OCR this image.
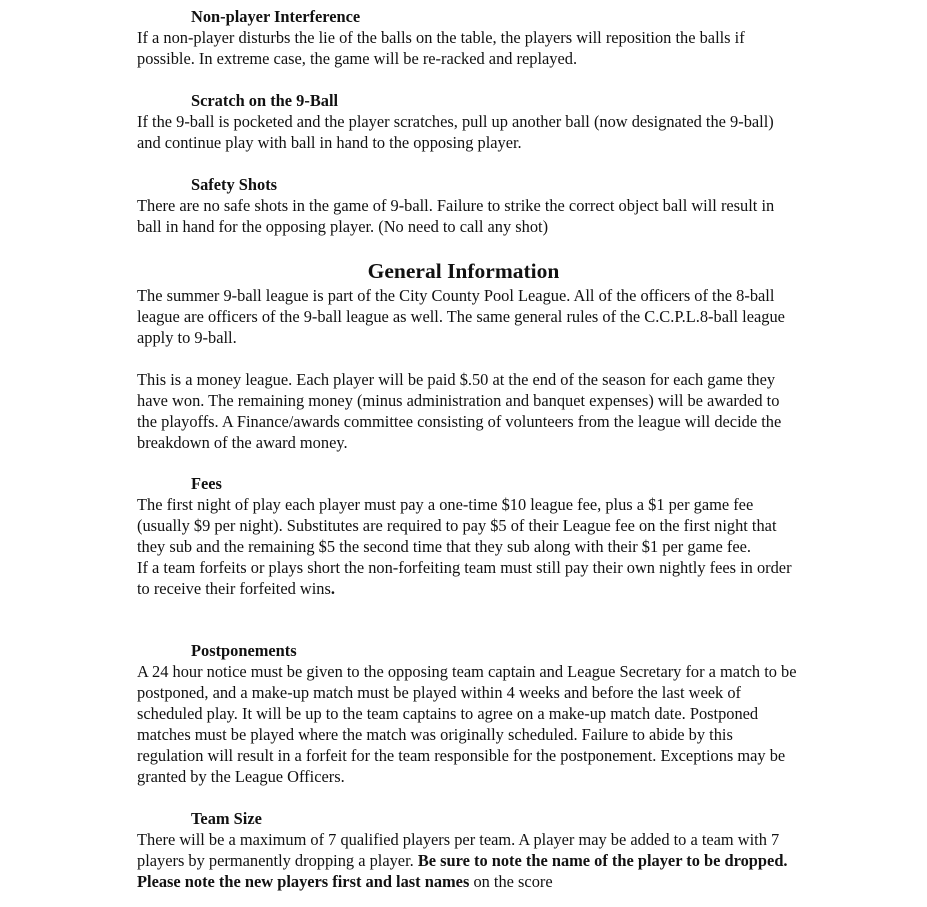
Non-player Interference

If a non-player disturbs the lie of the balls on the table, the players will reposition the balls if possible. In extreme case, the game will be re-racked and replayed.

Scratch on the 9-Ball

If the 9-ball is pocketed and the player scratches, pull up another ball (now designated the 9-ball) and continue play with ball in hand to the opposing player.

Safety Shots

There are no safe shots in the game of 9-ball. Failure to strike the correct object ball will result in ball in hand for the opposing player. (No need to call any shot)

General Information

The summer 9-ball league is part of the City County Pool League. All of the officers of the 8-ball league are officers of the 9-ball league as well. The same general rules of the C.C.P.L.8-ball league apply to 9-ball.

This is a money league. Each player will be paid $.50 at the end of the season for each game they have won. The remaining money (minus administration and banquet expenses) will be awarded to the playoffs. A Finance/awards committee consisting of volunteers from the league will decide the breakdown of the award money.

Fees

The first night of play each player must pay a one-time $10 league fee, plus a $1 per game fee (usually $9 per night). Substitutes are required to pay $5 of their League fee on the first night that they sub and the remaining $5 the second time that they sub along with their $1 per game fee.

If a team forfeits or plays short the non-forfeiting team must still pay their own nightly fees in order to receive their forfeited wins.

Postponements

A 24 hour notice must be given to the opposing team captain and League Secretary for a match to be postponed, and a make-up match must be played within 4 weeks and before the last week of scheduled play. It will be up to the team captains to agree on a make-up match date. Postponed matches must be played where the match was originally scheduled. Failure to abide by this regulation will result in a forfeit for the team responsible for the postponement. Exceptions may be granted by the League Officers.

Team Size

There will be a maximum of 7 qualified players per team. A player may be added to a team with 7 players by permanently dropping a player. Be sure to note the name of the player to be dropped. Please note the new players first and last names on the score
